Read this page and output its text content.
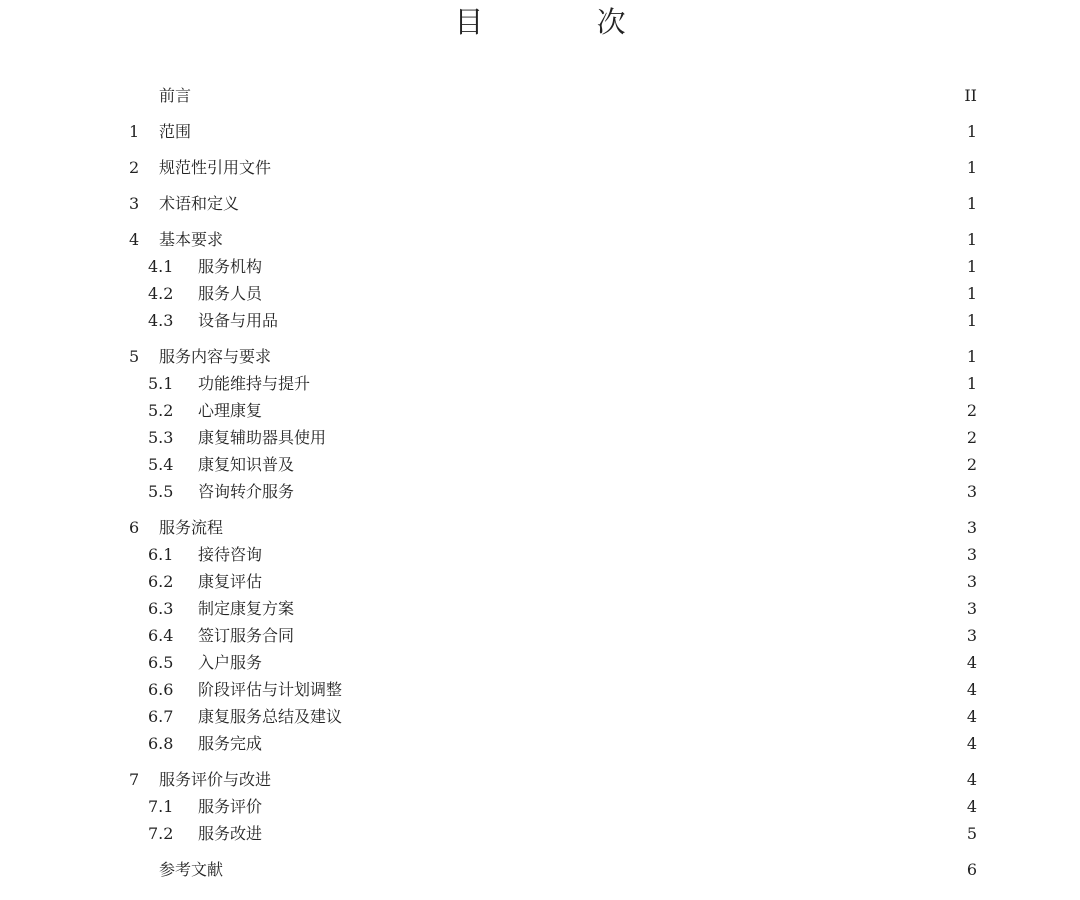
目 次
前言	II
1	范围	1
2	规范性引用文件	1
3	术语和定义	1
4	基本要求	1
4.1	服务机构	1
4.2	服务人员	1
4.3	设备与用品	1
5	服务内容与要求	1
5.1	功能维持与提升	1
5.2	心理康复	2
5.3	康复辅助器具使用	2
5.4	康复知识普及	2
5.5	咨询转介服务	3
6	服务流程	3
6.1	接待咨询	3
6.2	康复评估	3
6.3	制定康复方案	3
6.4	签订服务合同	3
6.5	入户服务	4
6.6	阶段评估与计划调整	4
6.7	康复服务总结及建议	4
6.8	服务完成	4
7	服务评价与改进	4
7.1	服务评价	4
7.2	服务改进	5
参考文献	6
